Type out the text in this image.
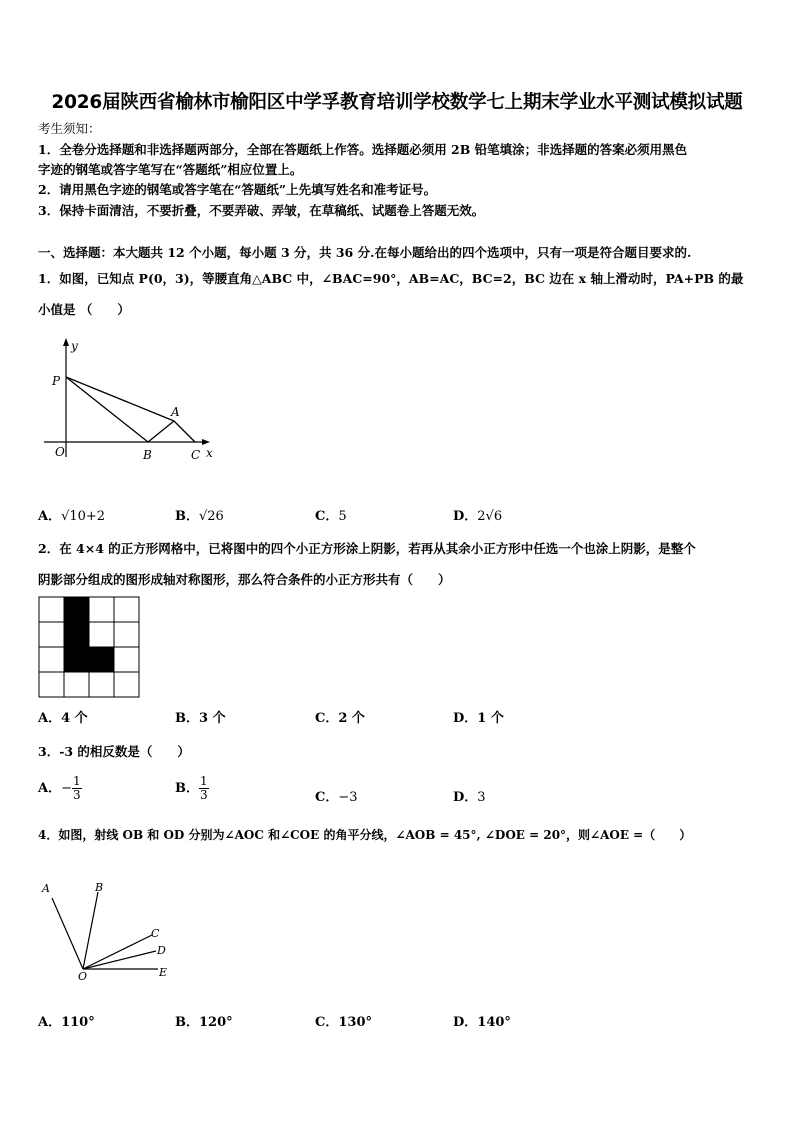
2026届陕西省榆林市榆阳区中学孚教育培训学校数学七上期末学业水平测试模拟试题
考生须知：
1．全卷分选择题和非选择题两部分，全部在答题纸上作答。选择题必须用 2B 铅笔填涂；非选择题的答案必须用黑色
字迹的钢笔或答字笔写在“答题纸”相应位置上。
2．请用黑色字迹的钢笔或答字笔在“答题纸”上先填写姓名和准考证号。
3．保持卡面清洁，不要折叠，不要弄破、弄皱，在草稿纸、试题卷上答题无效。
一、选择题：本大题共 12 个小题，每小题 3 分，共 36 分.在每小题给出的四个选项中，只有一项是符合题目要求的.
1．如图，已知点 P(0，3)，等腰直角△ABC 中，∠BAC=90°，AB=AC，BC=2，BC 边在 x 轴上滑动时，PA+PB 的最
小值是 （　　）
y
P
O
A
B	C x
A．√10+2	B．√26	C．5	D．2√6
2．在 4×4 的正方形网格中，已将图中的四个小正方形涂上阴影，若再从其余小正方形中任选一个也涂上阴影，是整个
阴影部分组成的图形成轴对称图形，那么符合条件的小正方形共有（　　）
A．4 个	B．3 个	C．2 个	D．1 个
3．-3 的相反数是（　　）
A．− $\frac{1}{3}$	B． $\frac{1}{3}$	C．−3	D．3
4．如图，射线 OB 和 OD 分别为∠AOC 和∠COE 的角平分线，∠AOB = 45°, ∠DOE = 20°，则∠AOE =（　　）
A	B
C
D
O	E
A．110°	B．120°	C．130°	D．140°
